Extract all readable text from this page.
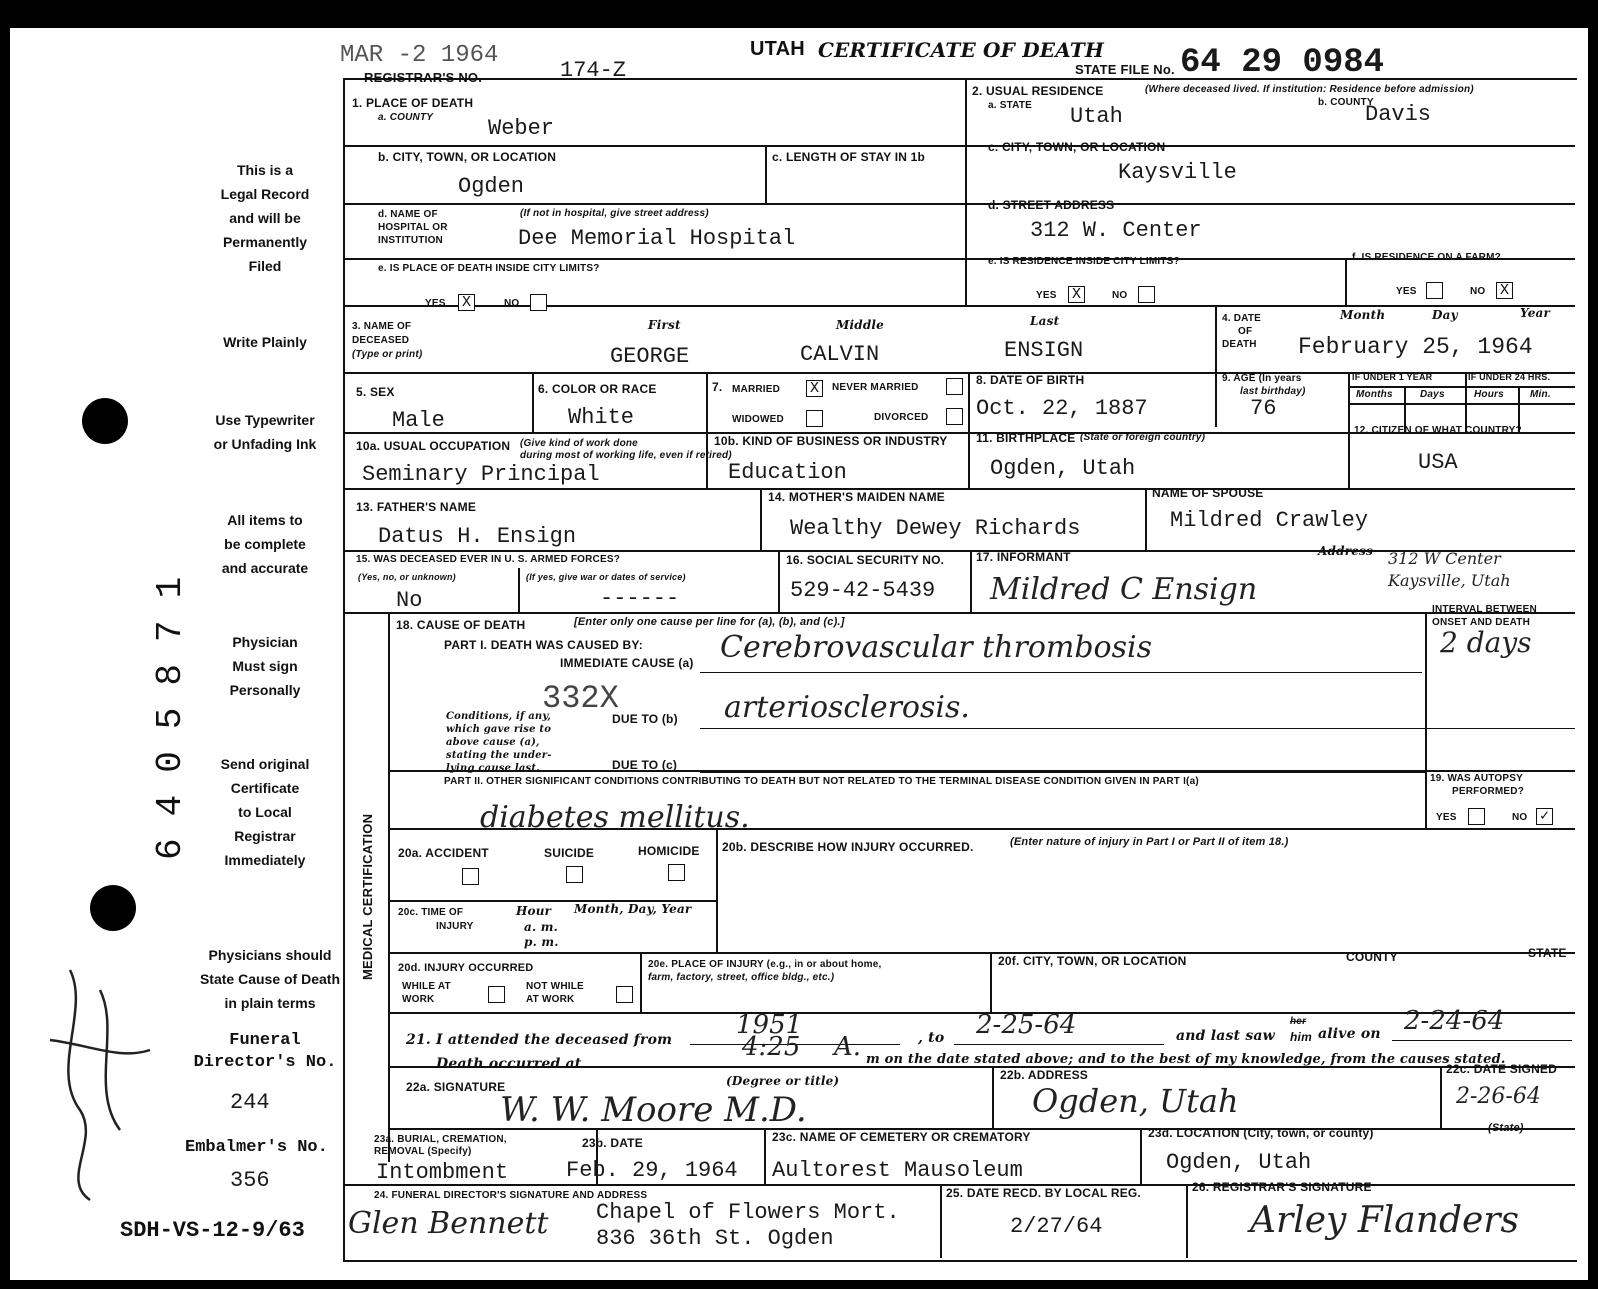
MAR -2 1964
REGISTRAR'S NO.	174-Z
UTAH CERTIFICATE OF DEATH
STATE FILE No. 64 29 0984
This is a
Legal Record
and will be
Permanently
Filed
Write Plainly
Use Typewriter
or Unfading Ink
All items to
be complete
and accurate
Physician
Must sign
Personally
Send original
Certificate
to Local
Registrar
Immediately
Physicians should
State Cause of Death
in plain terms
Funeral
Director's No.
244
Embalmer's No.
356
SDH-VS-12-9/63
6405871
1. PLACE OF DEATH
a. COUNTY Weber
b. CITY, TOWN, OR LOCATION
Ogden
c. LENGTH OF STAY IN 1b
d. NAME OF
HOSPITAL OR
INSTITUTION
(If not in hospital, give street address)
Dee Memorial Hospital
e. IS PLACE OF DEATH INSIDE CITY LIMITS?
YES X	NO
2. USUAL RESIDENCE	(Where deceased lived. If institution: Residence before admission)
a. STATE Utah
b. COUNTY
Davis
c. CITY, TOWN, OR LOCATION
Kaysville
d. STREET ADDRESS
312 W. Center
e. IS RESIDENCE INSIDE CITY LIMITS?
YES X	NO
f. IS RESIDENCE ON A FARM?
YES	NO X
3. NAME OF
DECEASED
(Type or print)
First	Middle	Last
GEORGE	CALVIN	ENSIGN
4. DATE
OF
DEATH
Month	Day	Year
February 25, 1964
5. SEX
Male
6. COLOR OR RACE
White
7. MARRIED X	NEVER MARRIED
WIDOWED	DIVORCED
8. DATE OF BIRTH
Oct. 22, 1887
9. AGE (In years
last birthday)
76
IF UNDER 1 YEAR	IF UNDER 24 HRS.
Months	Days	Hours	Min.
10a. USUAL OCCUPATION (Give kind of work done
during most of working life, even if retired)
Seminary Principal
10b. KIND OF BUSINESS OR INDUSTRY
Education
11. BIRTHPLACE (State or foreign country)
Ogden, Utah
12. CITIZEN OF WHAT COUNTRY?
USA
13. FATHER'S NAME
Datus H. Ensign
14. MOTHER'S MAIDEN NAME
Wealthy Dewey Richards
NAME OF SPOUSE
Mildred Crawley
15. WAS DECEASED EVER IN U. S. ARMED FORCES?
(Yes, no, or unknown)	(If yes, give war or dates of service)
No	------
16. SOCIAL SECURITY NO.
529-42-5439
17. INFORMANT	Address
Mildred C Ensign
312 W Center Kaysville, Utah
MEDICAL CERTIFICATION
18. CAUSE OF DEATH	[Enter only one cause per line for (a), (b), and (c).]
PART I. DEATH WAS CAUSED BY:
IMMEDIATE CAUSE (a) Cerebrovascular thrombosis
332X
Conditions, if any,
which gave rise to
above cause (a),
stating the under-
lying cause last.
DUE TO (b) arteriosclerosis.
DUE TO (c)
INTERVAL BETWEEN
ONSET AND DEATH
2 days
PART II. OTHER SIGNIFICANT CONDITIONS CONTRIBUTING TO DEATH BUT NOT RELATED TO THE TERMINAL DISEASE CONDITION GIVEN IN PART I(a)
diabetes mellitus.
19. WAS AUTOPSY
PERFORMED?
YES	NO ✓
20a. ACCIDENT	SUICIDE	HOMICIDE 20b. DESCRIBE HOW INJURY OCCURRED.	(Enter nature of injury in Part I or Part II of item 18.)
20c. TIME OF
INJURY
Hour
a. m.
p. m.
Month, Day, Year
20d. INJURY OCCURRED
WHILE AT
WORK
NOT WHILE
AT WORK
20e. PLACE OF INJURY (e.g., in or about home,
farm, factory, street, office bldg., etc.)
20f. CITY, TOWN, OR LOCATION	COUNTY	STATE
21. I attended the deceased from 1951	, to 2-25-64	and last saw
her
him alive on 2-24-64
Death occurred at
4:25 A. m on the date stated above; and to the best of my knowledge, from the causes stated.
22a. SIGNATURE	(Degree or title)
W. W. Moore M.D.
22b. ADDRESS
Ogden, Utah
22c. DATE SIGNED
2-26-64
23a. BURIAL, CREMATION,
REMOVAL (Specify)
Intombment
23b. DATE
Feb. 29, 1964
23c. NAME OF CEMETERY OR CREMATORY
Aultorest Mausoleum
23d. LOCATION (City, town, or county)	(State)
Ogden, Utah
24. FUNERAL DIRECTOR'S SIGNATURE AND ADDRESS
Chapel of Flowers Mort.
836 36th St. Ogden
Glen Bennett
25. DATE RECD. BY LOCAL REG.
2/27/64
26. REGISTRAR'S SIGNATURE
Arley Flanders
